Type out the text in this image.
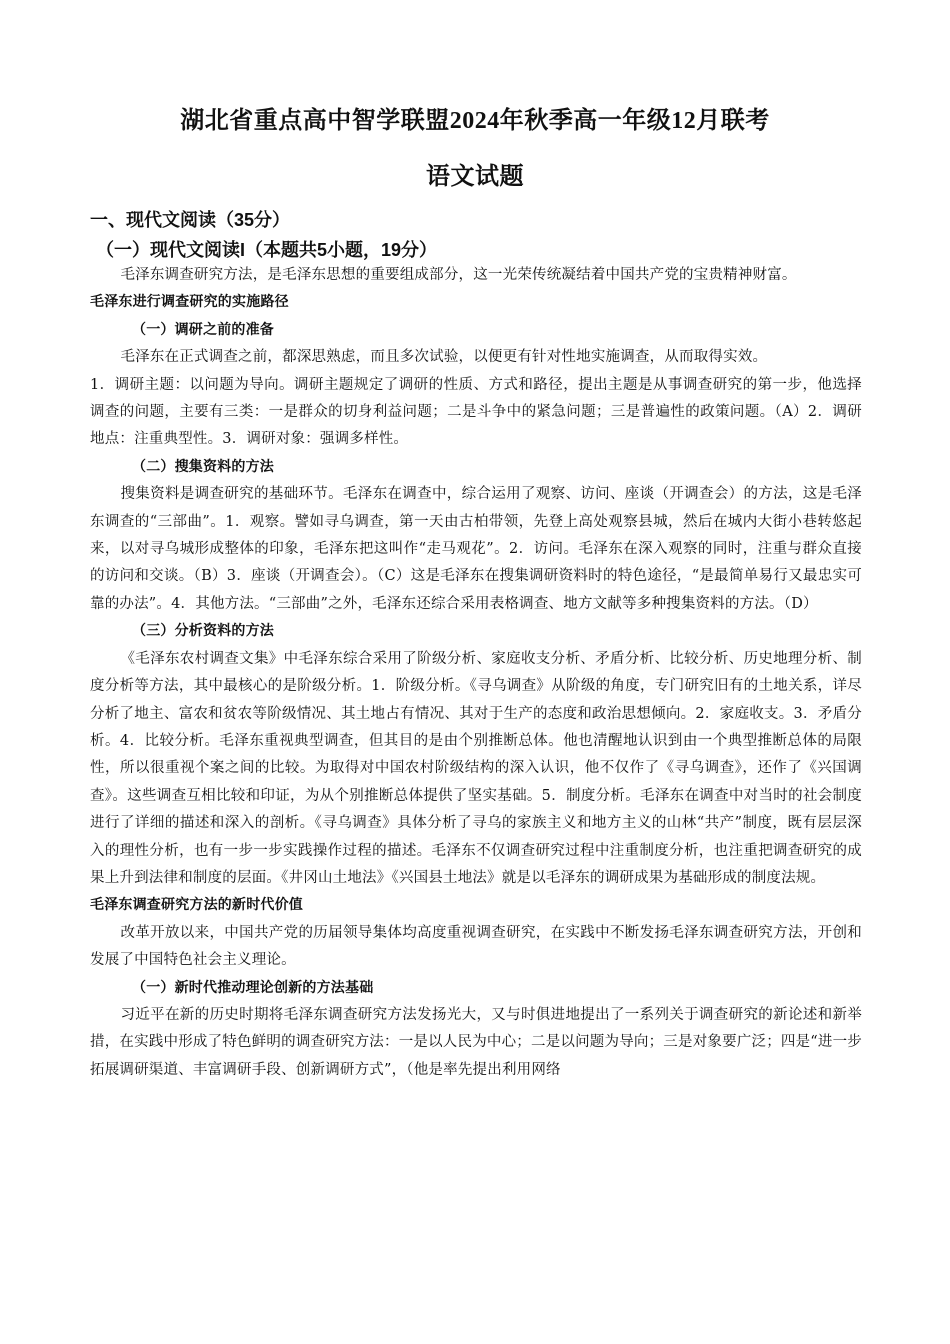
湖北省重点高中智学联盟2024年秋季高一年级12月联考
语文试题
一、现代文阅读（35分）
（一）现代文阅读I（本题共5小题，19分）

毛泽东调查研究方法，是毛泽东思想的重要组成部分，这一光荣传统凝结着中国共产党的宝贵精神财富。

毛泽东进行调查研究的实施路径

（一）调研之前的准备

毛泽东在正式调查之前，都深思熟虑，而且多次试验，以便更有针对性地实施调查，从而取得实效。

1．调研主题：以问题为导向。调研主题规定了调研的性质、方式和路径，提出主题是从事调查研究的第一步，他选择调查的问题，主要有三类：一是群众的切身利益问题；二是斗争中的紧急问题；三是普遍性的政策问题。（A）2．调研地点：注重典型性。3．调研对象：强调多样性。

（二）搜集资料的方法

搜集资料是调查研究的基础环节。毛泽东在调查中，综合运用了观察、访问、座谈（开调查会）的方法，这是毛泽东调查的“三部曲”。1．观察。譬如寻乌调查，第一天由古柏带领，先登上高处观察县城，然后在城内大街小巷转悠起来，以对寻乌城形成整体的印象，毛泽东把这叫作“走马观花”。2．访问。毛泽东在深入观察的同时，注重与群众直接的访问和交谈。（B）3．座谈（开调查会）。（C）这是毛泽东在搜集调研资料时的特色途径，“是最简单易行又最忠实可靠的办法”。4．其他方法。“三部曲”之外，毛泽东还综合采用表格调查、地方文献等多种搜集资料的方法。（D）

（三）分析资料的方法

《毛泽东农村调查文集》中毛泽东综合采用了阶级分析、家庭收支分析、矛盾分析、比较分析、历史地理分析、制度分析等方法，其中最核心的是阶级分析。1．阶级分析。《寻乌调查》从阶级的角度，专门研究旧有的土地关系，详尽分析了地主、富农和贫农等阶级情况、其土地占有情况、其对于生产的态度和政治思想倾向。2．家庭收支。3．矛盾分析。4．比较分析。毛泽东重视典型调查，但其目的是由个别推断总体。他也清醒地认识到由一个典型推断总体的局限性，所以很重视个案之间的比较。为取得对中国农村阶级结构的深入认识，他不仅作了《寻乌调查》，还作了《兴国调查》。这些调查互相比较和印证，为从个别推断总体提供了坚实基础。5．制度分析。毛泽东在调查中对当时的社会制度进行了详细的描述和深入的剖析。《寻乌调查》具体分析了寻乌的家族主义和地方主义的山林“共产”制度，既有层层深入的理性分析，也有一步一步实践操作过程的描述。毛泽东不仅调查研究过程中注重制度分析，也注重把调查研究的成果上升到法律和制度的层面。《井冈山土地法》《兴国县土地法》就是以毛泽东的调研成果为基础形成的制度法规。

毛泽东调查研究方法的新时代价值

改革开放以来，中国共产党的历届领导集体均高度重视调查研究，在实践中不断发扬毛泽东调查研究方法，开创和发展了中国特色社会主义理论。

（一）新时代推动理论创新的方法基础

习近平在新的历史时期将毛泽东调查研究方法发扬光大，又与时俱进地提出了一系列关于调查研究的新论述和新举措，在实践中形成了特色鲜明的调查研究方法：一是以人民为中心；二是以问题为导向；三是对象要广泛；四是“进一步拓展调研渠道、丰富调研手段、创新调研方式”，（他是率先提出利用网络
